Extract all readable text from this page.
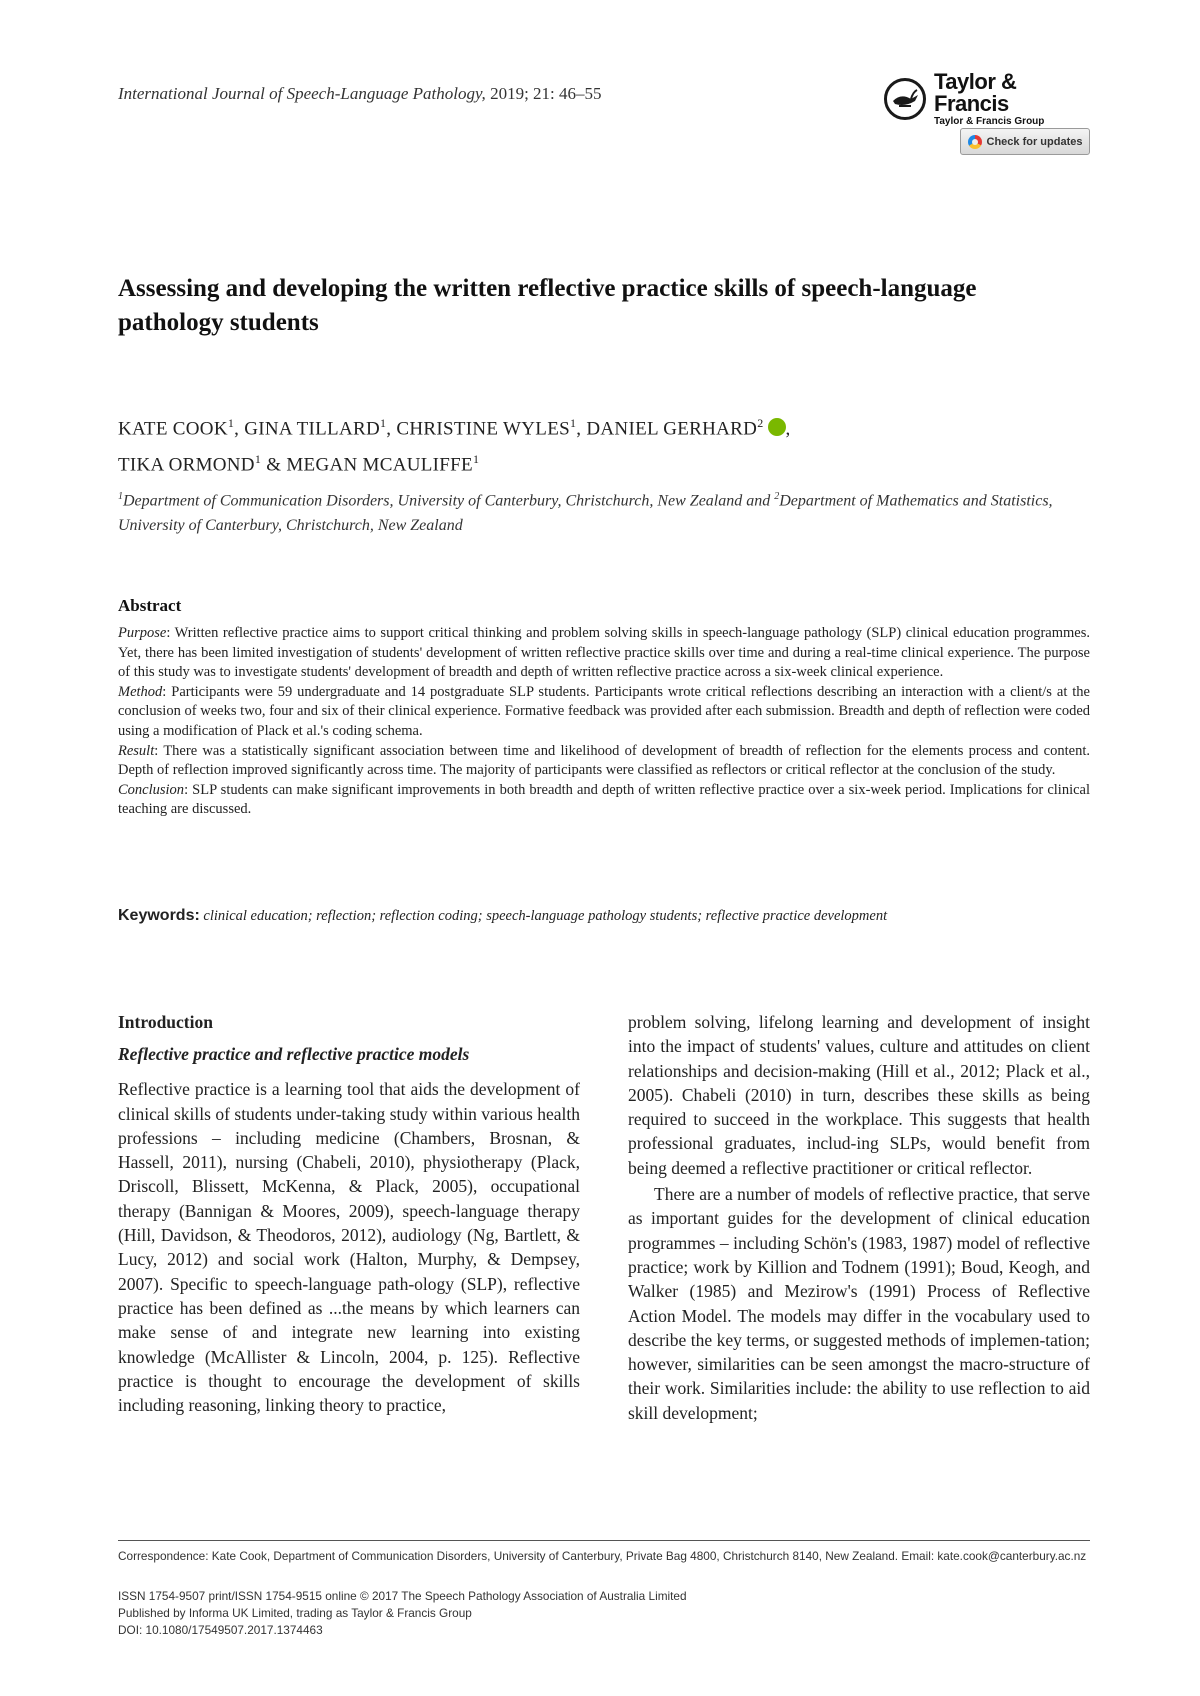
International Journal of Speech-Language Pathology, 2019; 21: 46–55	Taylor & Francis
Taylor & Francis Group
Check for updates
Assessing and developing the written reflective practice skills of speech-language pathology students
KATE COOK$^1$, GINA TILLARD$^1$, CHRISTINE WYLES$^1$, DANIEL GERHARD$^2$ ,
TIKA ORMOND$^1$ & MEGAN MCAULIFFE$^1$
$^1$Department of Communication Disorders, University of Canterbury, Christchurch, New Zealand and $^2$Department of Mathematics and Statistics, University of Canterbury, Christchurch, New Zealand
Abstract

Purpose: Written reflective practice aims to support critical thinking and problem solving skills in speech-language pathology (SLP) clinical education programmes. Yet, there has been limited investigation of students' development of written reflective practice skills over time and during a real-time clinical experience. The purpose of this study was to investigate students' development of breadth and depth of written reflective practice across a six-week clinical experience.

Method: Participants were 59 undergraduate and 14 postgraduate SLP students. Participants wrote critical reflections describing an interaction with a client/s at the conclusion of weeks two, four and six of their clinical experience. Formative feedback was provided after each submission. Breadth and depth of reflection were coded using a modification of Plack et al.'s coding schema.

Result: There was a statistically significant association between time and likelihood of development of breadth of reflection for the elements process and content. Depth of reflection improved significantly across time. The majority of participants were classified as reflectors or critical reflector at the conclusion of the study.

Conclusion: SLP students can make significant improvements in both breadth and depth of written reflective practice over a six-week period. Implications for clinical teaching are discussed.

Keywords: clinical education; reflection; reflection coding; speech-language pathology students; reflective practice development
Introduction
Reflective practice and reflective practice models

Reflective practice is a learning tool that aids the development of clinical skills of students under-taking study within various health professions – including medicine (Chambers, Brosnan, & Hassell, 2011), nursing (Chabeli, 2010), physiotherapy (Plack, Driscoll, Blissett, McKenna, & Plack, 2005), occupational therapy (Bannigan & Moores, 2009), speech-language therapy (Hill, Davidson, & Theodoros, 2012), audiology (Ng, Bartlett, & Lucy, 2012) and social work (Halton, Murphy, & Dempsey, 2007). Specific to speech-language path-ology (SLP), reflective practice has been defined as ...the means by which learners can make sense of and integrate new learning into existing knowledge (McAllister & Lincoln, 2004, p. 125). Reflective practice is thought to encourage the development of skills including reasoning, linking theory to practice,

problem solving, lifelong learning and development of insight into the impact of students' values, culture and attitudes on client relationships and decision-making (Hill et al., 2012; Plack et al., 2005). Chabeli (2010) in turn, describes these skills as being required to succeed in the workplace. This suggests that health professional graduates, includ-ing SLPs, would benefit from being deemed a reflective practitioner or critical reflector.

There are a number of models of reflective practice, that serve as important guides for the development of clinical education programmes – including Schön's (1983, 1987) model of reflective practice; work by Killion and Todnem (1991); Boud, Keogh, and Walker (1985) and Mezirow's (1991) Process of Reflective Action Model. The models may differ in the vocabulary used to describe the key terms, or suggested methods of implemen-tation; however, similarities can be seen amongst the macro-structure of their work. Similarities include: the ability to use reflection to aid skill development;

Correspondence: Kate Cook, Department of Communication Disorders, University of Canterbury, Private Bag 4800, Christchurch 8140, New Zealand. Email: kate.cook@canterbury.ac.nz
ISSN 1754-9507 print/ISSN 1754-9515 online © 2017 The Speech Pathology Association of Australia Limited
Published by Informa UK Limited, trading as Taylor & Francis Group
DOI: 10.1080/17549507.2017.1374463
